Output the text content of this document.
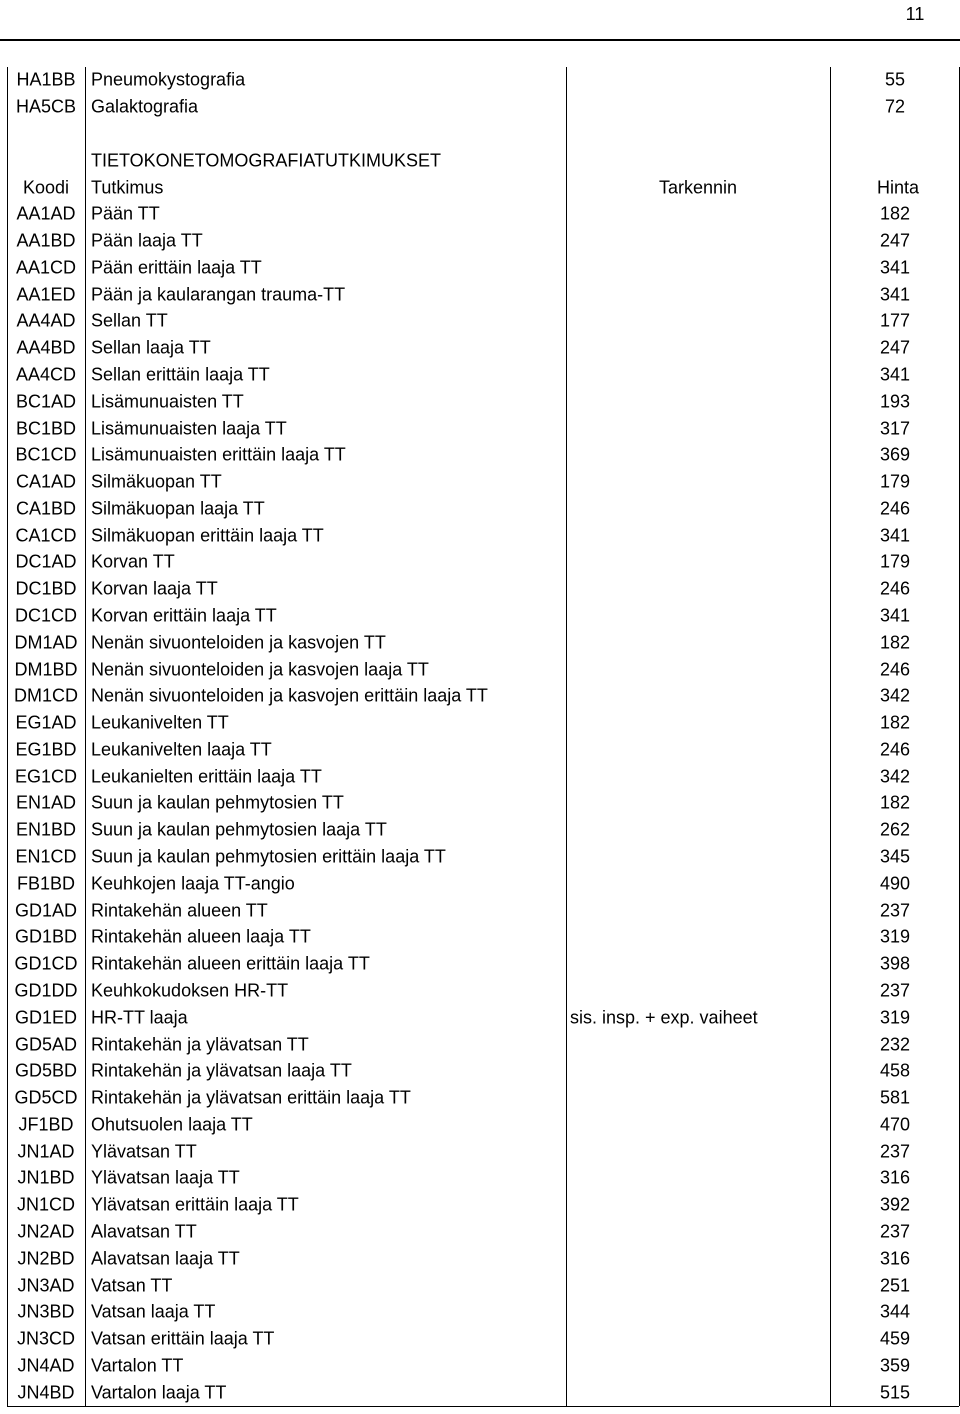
11
HA1BB Pneumokystografia	55
HA5CB Galaktografia	72
TIETOKONETOMOGRAFIATUTKIMUKSET
Koodi	Tutkimus	Tarkennin	Hinta
AA1AD Pään TT	182
AA1BD Pään laaja TT	247
AA1CD Pään erittäin laaja TT	341
AA1ED Pään ja kaularangan trauma-TT	341
AA4AD Sellan TT	177
AA4BD Sellan laaja TT	247
AA4CD Sellan erittäin laaja TT	341
BC1AD Lisämunuaisten TT	193
BC1BD Lisämunuaisten laaja TT	317
BC1CD Lisämunuaisten erittäin laaja TT	369
CA1AD Silmäkuopan TT	179
CA1BD Silmäkuopan laaja TT	246
CA1CD Silmäkuopan erittäin laaja TT	341
DC1AD Korvan TT	179
DC1BD Korvan laaja TT	246
DC1CD Korvan erittäin laaja TT	341
DM1AD Nenän sivuonteloiden ja kasvojen TT	182
DM1BD Nenän sivuonteloiden ja kasvojen laaja TT	246
DM1CD Nenän sivuonteloiden ja kasvojen erittäin laaja TT	342
EG1AD Leukanivelten TT	182
EG1BD Leukanivelten laaja TT	246
EG1CD Leukanielten erittäin laaja TT	342
EN1AD Suun ja kaulan pehmytosien TT	182
EN1BD Suun ja kaulan pehmytosien laaja TT	262
EN1CD Suun ja kaulan pehmytosien erittäin laaja TT	345
FB1BD Keuhkojen laaja TT-angio	490
GD1AD Rintakehän alueen TT	237
GD1BD Rintakehän alueen laaja TT	319
GD1CD Rintakehän alueen erittäin laaja TT	398
GD1DD Keuhkokudoksen HR-TT	237
GD1ED HR-TT laaja	sis. insp. + exp. vaiheet	319
GD5AD Rintakehän ja ylävatsan TT	232
GD5BD Rintakehän ja ylävatsan laaja TT	458
GD5CD Rintakehän ja ylävatsan erittäin laaja TT	581
JF1BD Ohutsuolen laaja TT	470
JN1AD Ylävatsan TT	237
JN1BD Ylävatsan laaja TT	316
JN1CD Ylävatsan erittäin laaja TT	392
JN2AD Alavatsan TT	237
JN2BD Alavatsan laaja TT	316
JN3AD Vatsan TT	251
JN3BD Vatsan laaja TT	344
JN3CD Vatsan erittäin laaja TT	459
JN4AD Vartalon TT	359
JN4BD Vartalon laaja TT	515
